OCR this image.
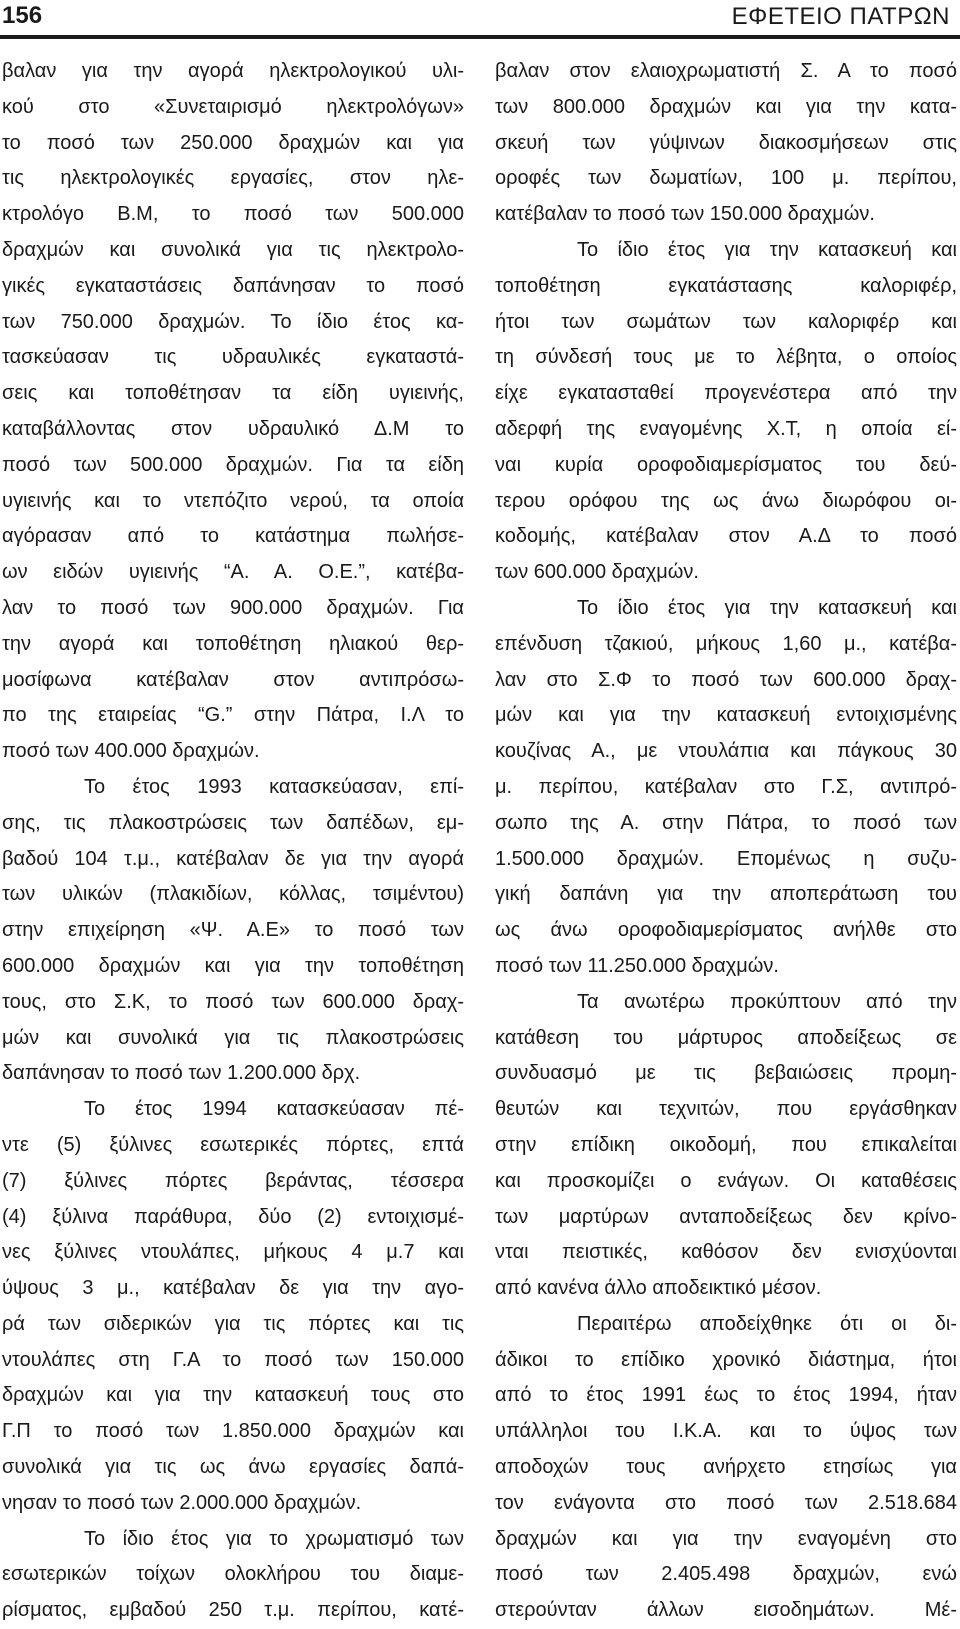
156	ΕΦΕΤΕΙΟ ΠΑΤΡΩΝ
βαλαν για την αγορά ηλεκτρολογικού υλι-
κού στο «Συνεταιρισμό ηλεκτρολόγων»
το ποσό των 250.000 δραχμών και για
τις ηλεκτρολογικές εργασίες, στον ηλε-
κτρολόγο Β.Μ, το ποσό των 500.000
δραχμών και συνολικά για τις ηλεκτρολο-
γικές εγκαταστάσεις δαπάνησαν το ποσό
των 750.000 δραχμών. Το ίδιο έτος κα-
τασκεύασαν τις υδραυλικές εγκαταστά-
σεις και τοποθέτησαν τα είδη υγιεινής,
καταβάλλοντας στον υδραυλικό Δ.Μ το
ποσό των 500.000 δραχμών. Για τα είδη
υγιεινής και το ντεπόζιτο νερού, τα οποία
αγόρασαν από το κατάστημα πωλήσε-
ων ειδών υγιεινής “Α. Α. Ο.Ε.”, κατέβα-
λαν το ποσό των 900.000 δραχμών. Για
την αγορά και τοποθέτηση ηλιακού θερ-
μοσίφωνα κατέβαλαν στον αντιπρόσω-
πο της εταιρείας “G.” στην Πάτρα, Ι.Λ το
ποσό των 400.000 δραχμών.
Το έτος 1993 κατασκεύασαν, επί-
σης, τις πλακοστρώσεις των δαπέδων, εμ-
βαδού 104 τ.μ., κατέβαλαν δε για την αγορά
των υλικών (πλακιδίων, κόλλας, τσιμέντου)
στην επιχείρηση «Ψ. Α.Ε» το ποσό των
600.000 δραχμών και για την τοποθέτηση
τους, στο Σ.Κ, το ποσό των 600.000 δραχ-
μών και συνολικά για τις πλακοστρώσεις
δαπάνησαν το ποσό των 1.200.000 δρχ.
Το έτος 1994 κατασκεύασαν πέ-
ντε (5) ξύλινες εσωτερικές πόρτες, επτά
(7) ξύλινες πόρτες βεράντας, τέσσερα
(4) ξύλινα παράθυρα, δύο (2) εντοιχισμέ-
νες ξύλινες ντουλάπες, μήκους 4 μ.7 και
ύψους 3 μ., κατέβαλαν δε για την αγο-
ρά των σιδερικών για τις πόρτες και τις
ντουλάπες στη Γ.Α το ποσό των 150.000
δραχμών και για την κατασκευή τους στο
Γ.Π το ποσό των 1.850.000 δραχμών και
συνολικά για τις ως άνω εργασίες δαπά-
νησαν το ποσό των 2.000.000 δραχμών.
Το ίδιο έτος για το χρωματισμό των
εσωτερικών τοίχων ολοκλήρου του διαμε-
ρίσματος, εμβαδού 250 τ.μ. περίπου, κατέ-
βαλαν στον ελαιοχρωματιστή Σ. Α το ποσό
των 800.000 δραχμών και για την κατα-
σκευή των γύψινων διακοσμήσεων στις
οροφές των δωματίων, 100 μ. περίπου,
κατέβαλαν το ποσό των 150.000 δραχμών.
Το ίδιο έτος για την κατασκευή και
τοποθέτηση εγκατάστασης καλοριφέρ,
ήτοι των σωμάτων των καλοριφέρ και
τη σύνδεσή τους με το λέβητα, ο οποίος
είχε εγκατασταθεί προγενέστερα από την
αδερφή της εναγομένης Χ.Τ, η οποία εί-
ναι κυρία οροφοδιαμερίσματος του δεύ-
τερου ορόφου της ως άνω διωρόφου οι-
κοδομής, κατέβαλαν στον Α.Δ το ποσό
των 600.000 δραχμών.
Το ίδιο έτος για την κατασκευή και
επένδυση τζακιού, μήκους 1,60 μ., κατέβα-
λαν στο Σ.Φ το ποσό των 600.000 δραχ-
μών και για την κατασκευή εντοιχισμένης
κουζίνας Α., με ντουλάπια και πάγκους 30
μ. περίπου, κατέβαλαν στο Γ.Σ, αντιπρό-
σωπο της Α. στην Πάτρα, το ποσό των
1.500.000 δραχμών. Επομένως η συζυ-
γική δαπάνη για την αποπεράτωση του
ως άνω οροφοδιαμερίσματος ανήλθε στο
ποσό των 11.250.000 δραχμών.
Τα ανωτέρω προκύπτουν από την
κατάθεση του μάρτυρος αποδείξεως σε
συνδυασμό με τις βεβαιώσεις προμη-
θευτών και τεχνιτών, που εργάσθηκαν
στην επίδικη οικοδομή, που επικαλείται
και προσκομίζει ο ενάγων. Οι καταθέσεις
των μαρτύρων ανταποδείξεως δεν κρίνο-
νται πειστικές, καθόσον δεν ενισχύονται
από κανένα άλλο αποδεικτικό μέσον.
Περαιτέρω αποδείχθηκε ότι οι δι-
άδικοι το επίδικο χρονικό διάστημα, ήτοι
από το έτος 1991 έως το έτος 1994, ήταν
υπάλληλοι του Ι.Κ.Α. και το ύψος των
αποδοχών τους ανήρχετο ετησίως για
τον ενάγοντα στο ποσό των 2.518.684
δραχμών και για την εναγομένη στο
ποσό των 2.405.498 δραχμών, ενώ
στερούνταν άλλων εισοδημάτων. Μέ-
